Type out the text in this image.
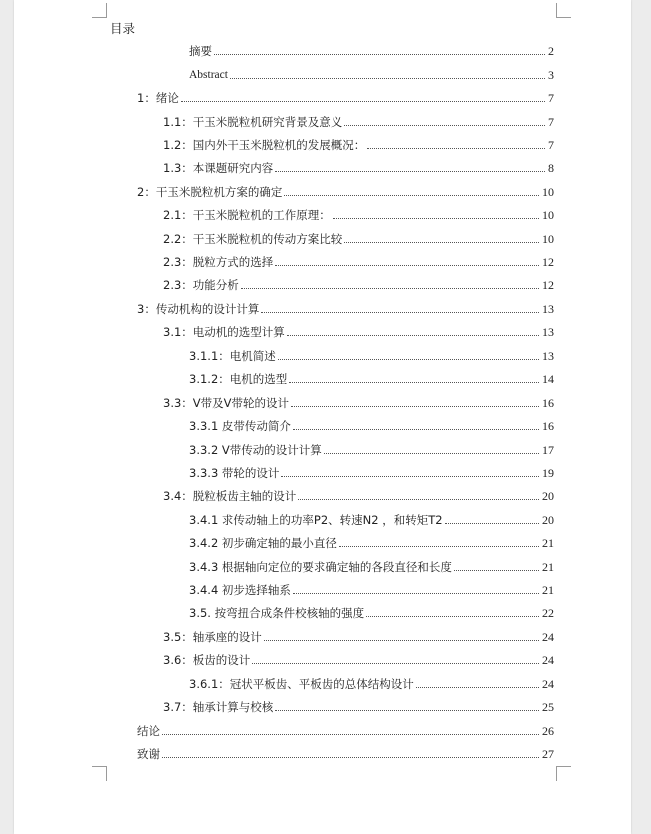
目录
摘要	2
Abstract	3
1：绪论	7
1.1：干玉米脱粒机研究背景及意义	7
1.2：国内外干玉米脱粒机的发展概况：	7
1.3：本课题研究内容	8
2：干玉米脱粒机方案的确定	10
2.1：干玉米脱粒机的工作原理：	10
2.2：干玉米脱粒机的传动方案比较	10
2.3：脱粒方式的选择	12
2.3：功能分析	12
3：传动机构的设计计算	13
3.1：电动机的选型计算	13
3.1.1：电机简述	13
3.1.2：电机的选型	14
3.3：V带及V带轮的设计	16
3.3.1 皮带传动简介	16
3.3.2 V带传动的设计计算	17
3.3.3 带轮的设计	19
3.4：脱粒板齿主轴的设计	20
3.4.1 求传动轴上的功率P2、转速N2 ，和转矩T2	20
3.4.2 初步确定轴的最小直径	21
3.4.3 根据轴向定位的要求确定轴的各段直径和长度	21
3.4.4 初步选择轴系	21
3.5. 按弯扭合成条件校核轴的强度	22
3.5：轴承座的设计	24
3.6：板齿的设计	24
3.6.1：冠状平板齿、平板齿的总体结构设计	24
3.7：轴承计算与校核	25
结论	26
致谢	27
